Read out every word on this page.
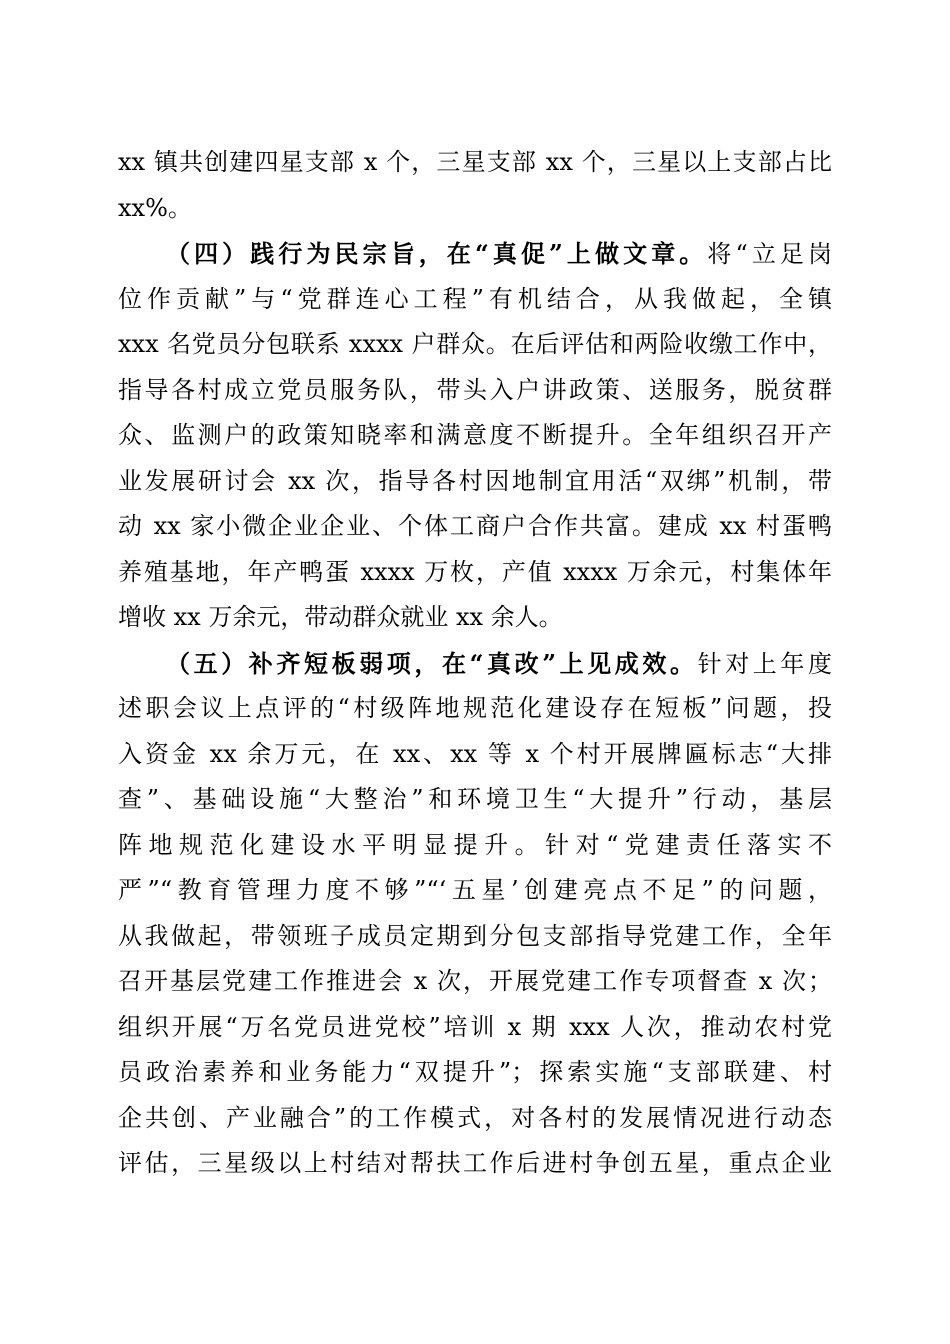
xx 镇共创建四星支部 x 个，三星支部 xx 个，三星以上支部占比
xx%。

（四）践行为民宗旨，在“真促”上做文章。将“立足岗
位作贡献”与“党群连心工程”有机结合，从我做起，全镇
xxx 名党员分包联系 xxxx 户群众。在后评估和两险收缴工作中，
指导各村成立党员服务队，带头入户讲政策、送服务，脱贫群
众、监测户的政策知晓率和满意度不断提升。全年组织召开产
业发展研讨会 xx 次，指导各村因地制宜用活“双绑”机制，带
动 xx 家小微企业企业、个体工商户合作共富。建成 xx 村蛋鸭
养殖基地，年产鸭蛋 xxxx 万枚，产值 xxxx 万余元，村集体年
增收 xx 万余元，带动群众就业 xx 余人。

（五）补齐短板弱项，在“真改”上见成效。针对上年度
述职会议上点评的“村级阵地规范化建设存在短板”问题，投
入资金 xx 余万元，在 xx、xx 等 x 个村开展牌匾标志“大排
查”、基础设施“大整治”和环境卫生“大提升”行动，基层
阵地规范化建设水平明显提升。针对“党建责任落实不
严”“教育管理力度不够”“‘五星’创建亮点不足”的问题，
从我做起，带领班子成员定期到分包支部指导党建工作，全年
召开基层党建工作推进会 x 次，开展党建工作专项督查 x 次；
组织开展“万名党员进党校”培训 x 期 xxx 人次，推动农村党
员政治素养和业务能力“双提升”；探索实施“支部联建、村
企共创、产业融合”的工作模式，对各村的发展情况进行动态
评估，三星级以上村结对帮扶工作后进村争创五星，重点企业
